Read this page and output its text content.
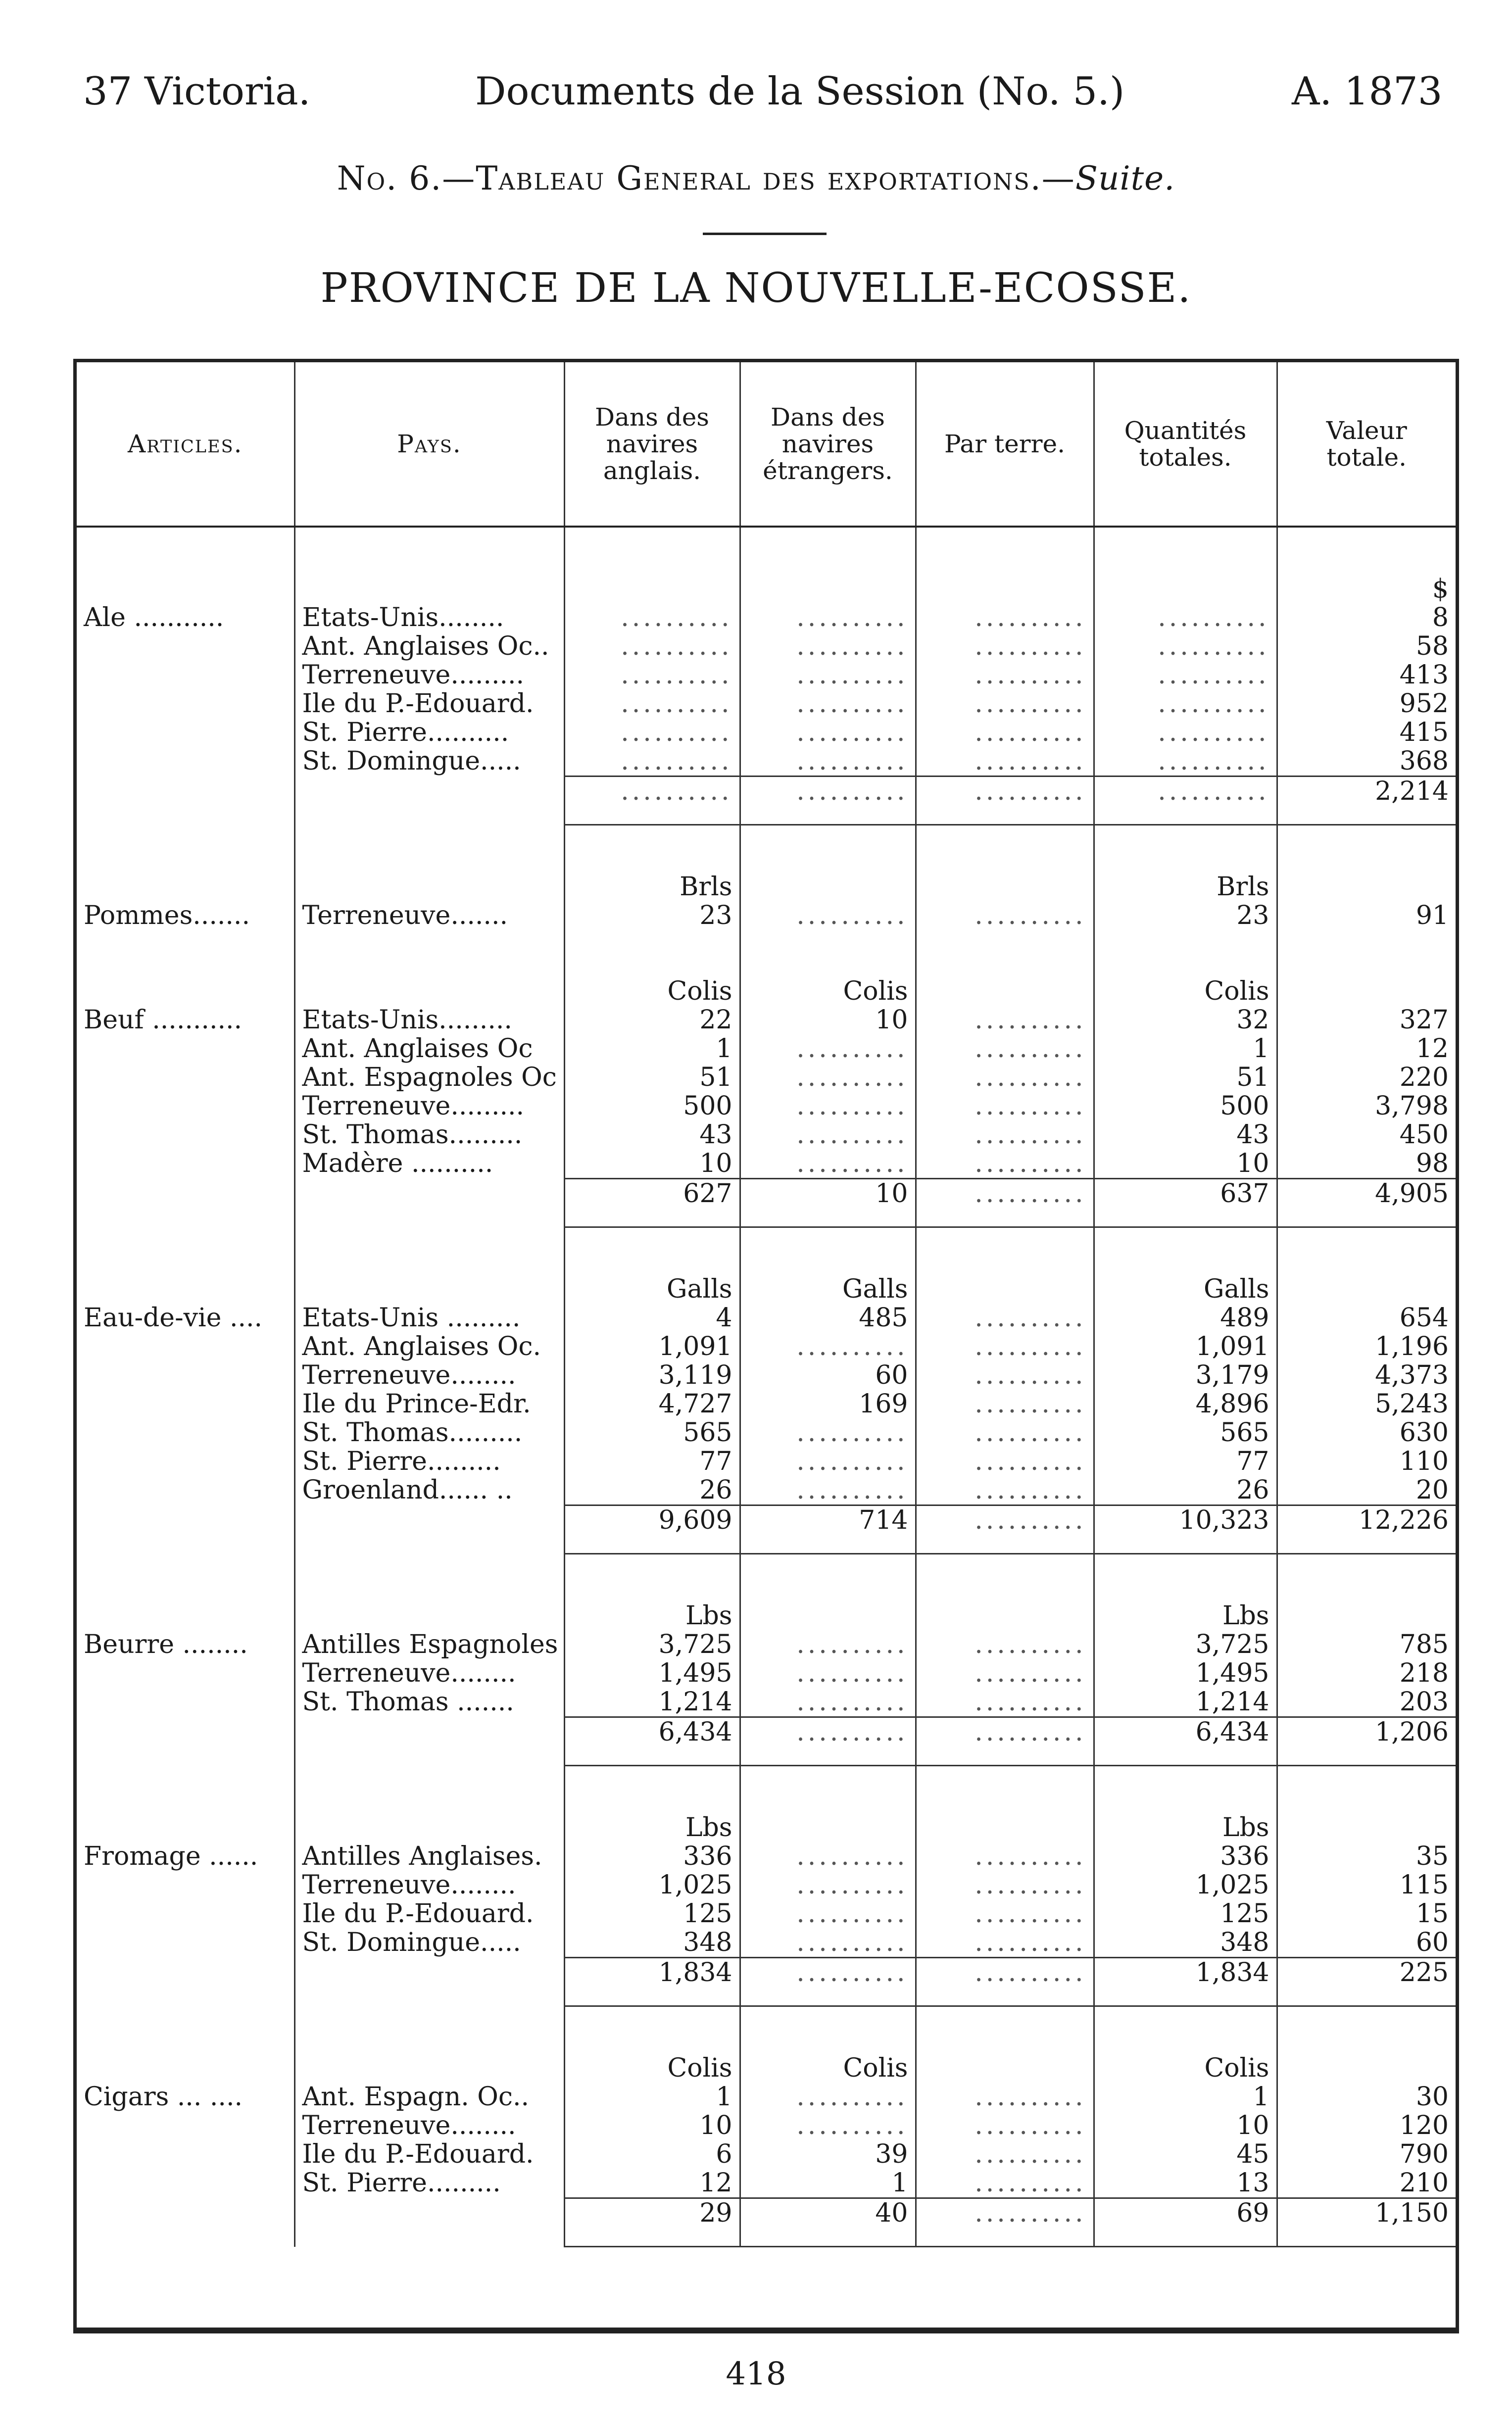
37 Victoria.	Documents de la Session (No. 5.)	A. 1873
No. 6.—Tableau General des exportations.—Suite.
PROVINCE DE LA NOUVELLE-ECOSSE.
Articles.	Pays.	Dans des navires anglais.	Dans des navires étrangers.	Par terre.	Quantités totales.	Valeur totale.

						$
Ale ...........	Etats-Unis........	..........	..........	..........	..........	8
	Ant. Anglaises Oc..	..........	..........	..........	..........	58
	Terreneuve.........	..........	..........	..........	..........	413
	Ile du P.-Edouard.	..........	..........	..........	..........	952
	St. Pierre..........	..........	..........	..........	..........	415
	St. Domingue.....	..........	..........	..........	..........	368
		..........	..........	..........	..........	2,214

		Brls			Brls	
Pommes.......	Terreneuve.......	23	..........	..........	23	91

		Colis	Colis		Colis	
Beuf ...........	Etats-Unis.........	22	10	..........	32	327
	Ant. Anglaises Oc	1	..........	..........	1	12
	Ant. Espagnoles Oc	51	..........	..........	51	220
	Terreneuve.........	500	..........	..........	500	3,798
	St. Thomas.........	43	..........	..........	43	450
	Madère ..........	10	..........	..........	10	98
		627	10	..........	637	4,905

		Galls	Galls		Galls	
Eau-de-vie ....	Etats-Unis .........	4	485	..........	489	654
	Ant. Anglaises Oc.	1,091	..........	..........	1,091	1,196
	Terreneuve........	3,119	60	..........	3,179	4,373
	Ile du Prince-Edr.	4,727	169	..........	4,896	5,243
	St. Thomas.........	565	..........	..........	565	630
	St. Pierre.........	77	..........	..........	77	110
	Groenland...... ..	26	..........	..........	26	20
		9,609	714	..........	10,323	12,226

		Lbs			Lbs	
Beurre ........	Antilles Espagnoles	3,725	..........	..........	3,725	785
	Terreneuve........	1,495	..........	..........	1,495	218
	St. Thomas .......	1,214	..........	..........	1,214	203
		6,434	..........	..........	6,434	1,206

		Lbs			Lbs	
Fromage ......	Antilles Anglaises.	336	..........	..........	336	35
	Terreneuve........	1,025	..........	..........	1,025	115
	Ile du P.-Edouard.	125	..........	..........	125	15
	St. Domingue.....	348	..........	..........	348	60
		1,834	..........	..........	1,834	225

		Colis	Colis		Colis	
Cigars ... ....	Ant. Espagn. Oc..	1	..........	..........	1	30
	Terreneuve........	10	..........	..........	10	120
	Ile du P.-Edouard.	6	39	..........	45	790
	St. Pierre.........	12	1	..........	13	210
		29	40	..........	69	1,150
418
